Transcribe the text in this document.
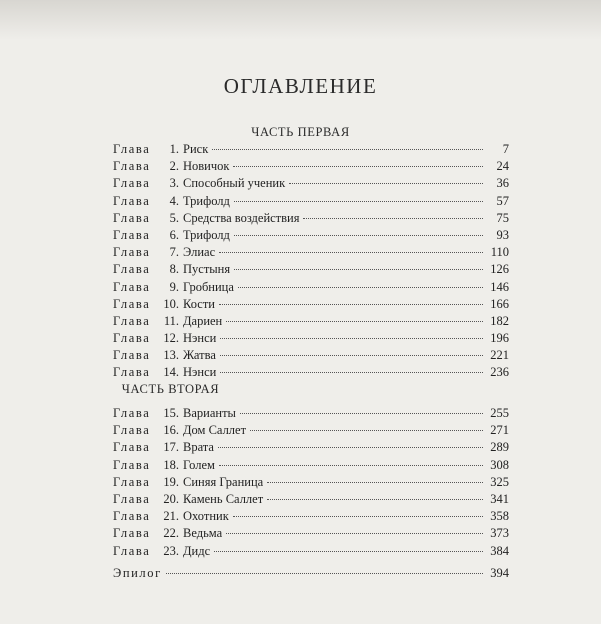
ОГЛАВЛЕНИЕ
ЧАСТЬ ПЕРВАЯ
Глава	1. Риск	7
Глава	2. Новичок	24
Глава	3. Способный ученик	36
Глава	4. Трифолд	57
Глава	5. Средства воздействия	75
Глава	6. Трифолд	93
Глава	7. Элиас	110
Глава	8. Пустыня	126
Глава	9. Гробница	146
Глава	10. Кости	166
Глава	11. Дариен	182
Глава	12. Нэнси	196
Глава	13. Жатва	221
Глава	14. Нэнси	236
ЧАСТЬ ВТОРАЯ
Глава	15. Варианты	255
Глава	16. Дом Саллет	271
Глава	17. Врата	289
Глава	18. Голем	308
Глава	19. Синяя Граница	325
Глава	20. Камень Саллет	341
Глава	21. Охотник	358
Глава	22. Ведьма	373
Глава	23. Дидс	384
Эпилог	394
